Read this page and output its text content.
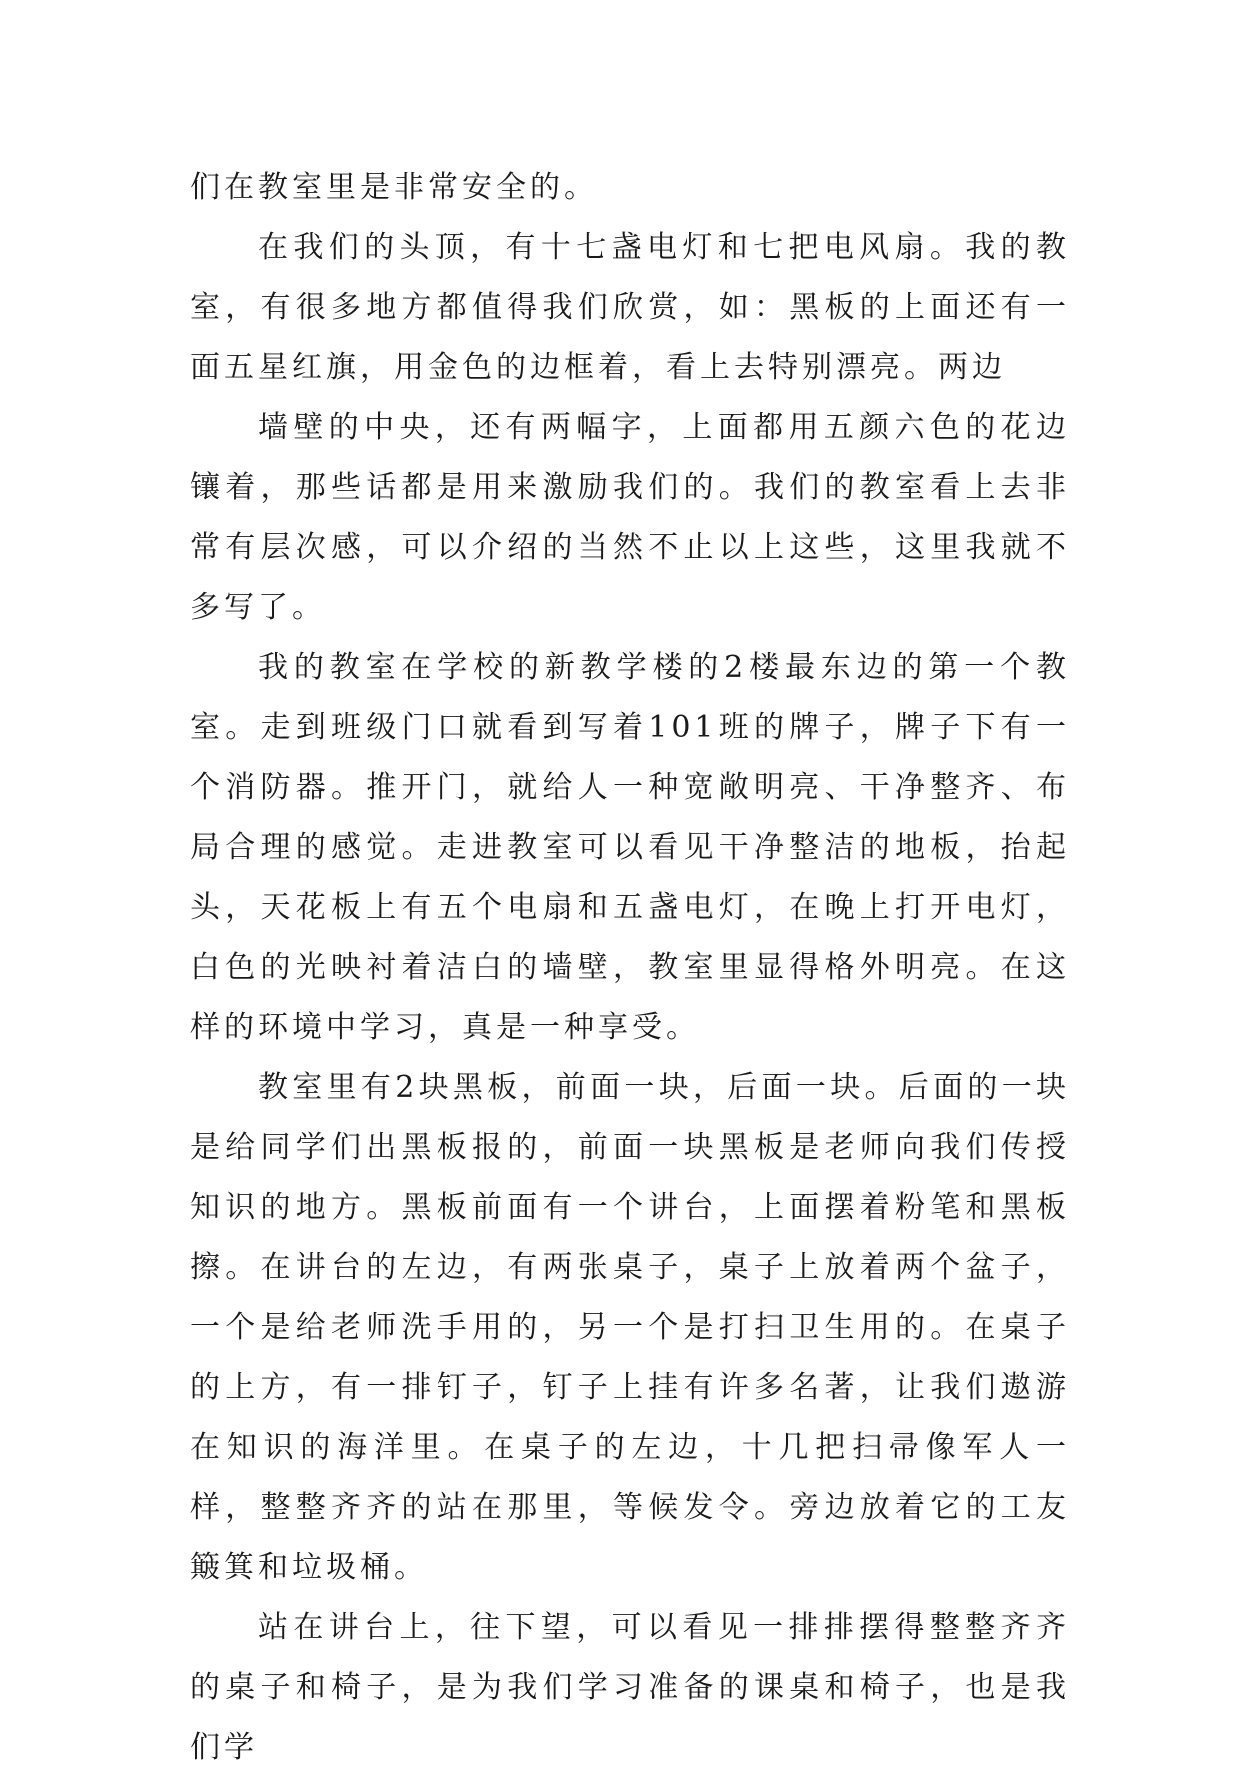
们在教室里是非常安全的。

在我们的头顶，有十七盏电灯和七把电风扇。我的教室，有很多地方都值得我们欣赏，如：黑板的上面还有一面五星红旗，用金色的边框着，看上去特别漂亮。两边

墙壁的中央，还有两幅字，上面都用五颜六色的花边镶着，那些话都是用来激励我们的。我们的教室看上去非常有层次感，可以介绍的当然不止以上这些，这里我就不多写了。

我的教室在学校的新教学楼的2楼最东边的第一个教室。走到班级门口就看到写着101班的牌子，牌子下有一个消防器。推开门，就给人一种宽敞明亮、干净整齐、布局合理的感觉。走进教室可以看见干净整洁的地板，抬起头，天花板上有五个电扇和五盏电灯，在晚上打开电灯，白色的光映衬着洁白的墙壁，教室里显得格外明亮。在这样的环境中学习，真是一种享受。

教室里有2块黑板，前面一块，后面一块。后面的一块是给同学们出黑板报的，前面一块黑板是老师向我们传授知识的地方。黑板前面有一个讲台，上面摆着粉笔和黑板擦。在讲台的左边，有两张桌子，桌子上放着两个盆子，一个是给老师洗手用的，另一个是打扫卫生用的。在桌子的上方，有一排钉子，钉子上挂有许多名著，让我们遨游在知识的海洋里。在桌子的左边，十几把扫帚像军人一样，整整齐齐的站在那里，等候发令。旁边放着它的工友簸箕和垃圾桶。

站在讲台上，往下望，可以看见一排排摆得整整齐齐的桌子和椅子，是为我们学习准备的课桌和椅子，也是我们学
